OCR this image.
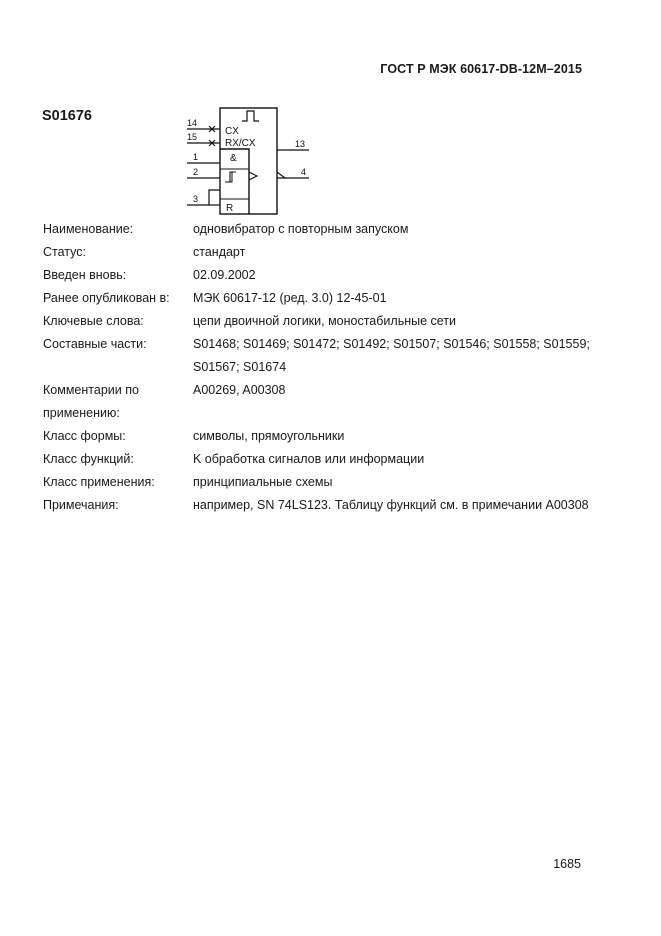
ГОСТ Р МЭК 60617-DB-12M–2015
S01676	14
15	CX
RX/CX
1
2
&
3
R
13
4
Наименование:	одновибратор с повторным запуском
Статус:	стандарт
Введен вновь:	02.09.2002
Ранее опубликован в:	МЭК 60617-12 (ред. 3.0) 12-45-01
Ключевые слова:	цепи двоичной логики, моностабильные сети
Составные части:	S01468; S01469; S01472; S01492; S01507; S01546; S01558; S01559; S01567; S01674
Комментарии по применению:
A00269, A00308
Класс формы:	символы, прямоугольники
Класс функций:	K обработка сигналов или информации
Класс применения:	принципиальные схемы
Примечания:	например, SN 74LS123. Таблицу функций см. в примечании A00308
1685
